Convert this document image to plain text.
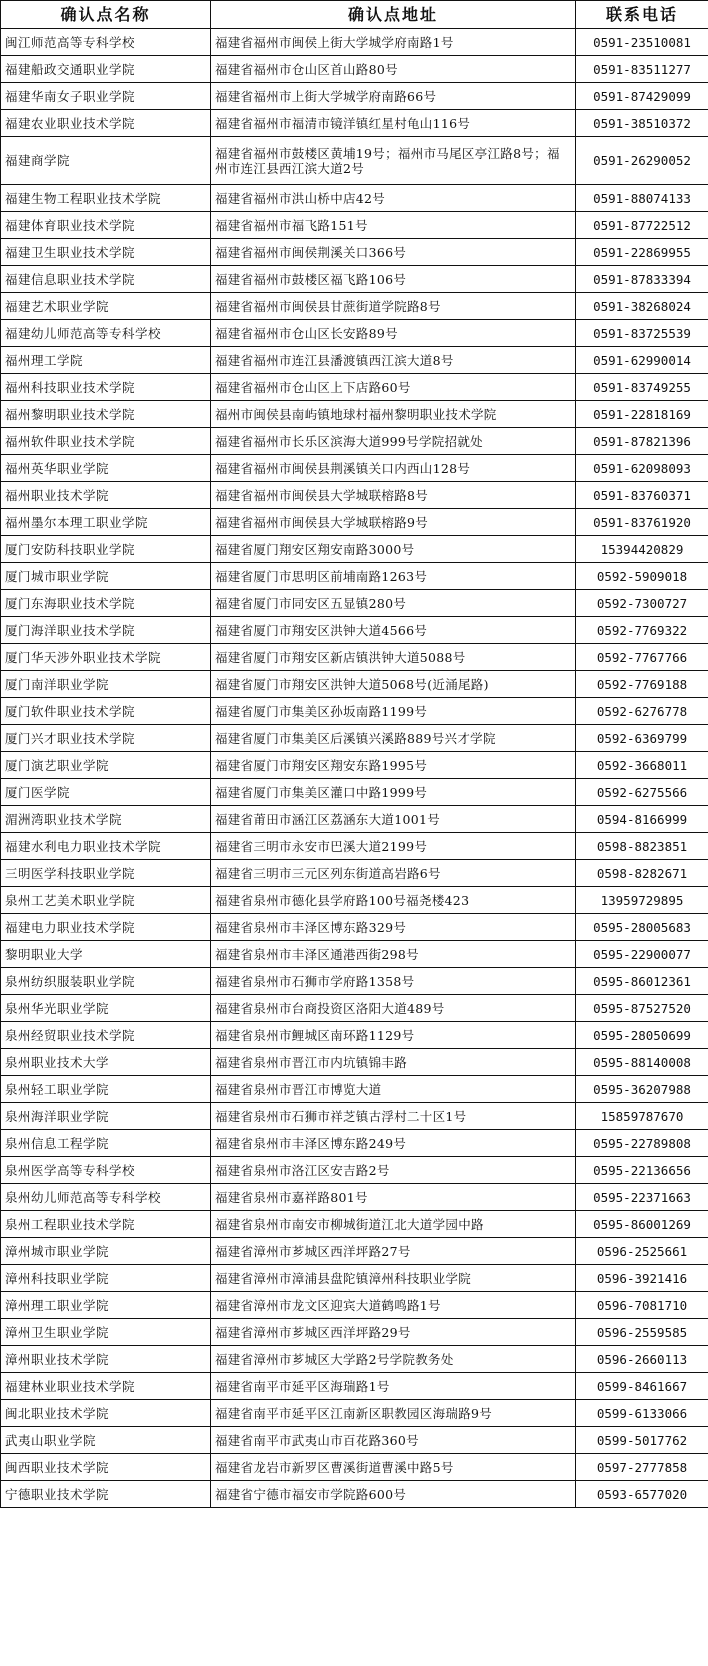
确认点名称	确认点地址	联系电话
闽江师范高等专科学校	福建省福州市闽侯上街大学城学府南路1号	0591-23510081
福建船政交通职业学院	福建省福州市仓山区首山路80号	0591-83511277
福建华南女子职业学院	福建省福州市上街大学城学府南路66号	0591-87429099
福建农业职业技术学院	福建省福州市福清市镜洋镇红星村龟山116号	0591-38510372
福建商学院	福建省福州市鼓楼区黄埔19号；福州市马尾区亭江路8号；福州市连江县西江滨大道2号	0591-26290052
福建生物工程职业技术学院	福建省福州市洪山桥中店42号	0591-88074133
福建体育职业技术学院	福建省福州市福飞路151号	0591-87722512
福建卫生职业技术学院	福建省福州市闽侯荆溪关口366号	0591-22869955
福建信息职业技术学院	福建省福州市鼓楼区福飞路106号	0591-87833394
福建艺术职业学院	福建省福州市闽侯县甘蔗街道学院路8号	0591-38268024
福建幼儿师范高等专科学校	福建省福州市仓山区长安路89号	0591-83725539
福州理工学院	福建省福州市连江县潘渡镇西江滨大道8号	0591-62990014
福州科技职业技术学院	福建省福州市仓山区上下店路60号	0591-83749255
福州黎明职业技术学院	福州市闽侯县南屿镇地球村福州黎明职业技术学院	0591-22818169
福州软件职业技术学院	福建省福州市长乐区滨海大道999号学院招就处	0591-87821396
福州英华职业学院	福建省福州市闽侯县荆溪镇关口内西山128号	0591-62098093
福州职业技术学院	福建省福州市闽侯县大学城联榕路8号	0591-83760371
福州墨尔本理工职业学院	福建省福州市闽侯县大学城联榕路9号	0591-83761920
厦门安防科技职业学院	福建省厦门翔安区翔安南路3000号	15394420829
厦门城市职业学院	福建省厦门市思明区前埔南路1263号	0592-5909018
厦门东海职业技术学院	福建省厦门市同安区五显镇280号	0592-7300727
厦门海洋职业技术学院	福建省厦门市翔安区洪钟大道4566号	0592-7769322
厦门华天涉外职业技术学院	福建省厦门市翔安区新店镇洪钟大道5088号	0592-7767766
厦门南洋职业学院	福建省厦门市翔安区洪钟大道5068号(近涌尾路)	0592-7769188
厦门软件职业技术学院	福建省厦门市集美区孙坂南路1199号	0592-6276778
厦门兴才职业技术学院	福建省厦门市集美区后溪镇兴溪路889号兴才学院	0592-6369799
厦门演艺职业学院	福建省厦门市翔安区翔安东路1995号	0592-3668011
厦门医学院	福建省厦门市集美区灌口中路1999号	0592-6275566
湄洲湾职业技术学院	福建省莆田市涵江区荔涵东大道1001号	0594-8166999
福建水利电力职业技术学院	福建省三明市永安市巴溪大道2199号	0598-8823851
三明医学科技职业学院	福建省三明市三元区列东街道高岩路6号	0598-8282671
泉州工艺美术职业学院	福建省泉州市德化县学府路100号福尧楼423	13959729895
福建电力职业技术学院	福建省泉州市丰泽区博东路329号	0595-28005683
黎明职业大学	福建省泉州市丰泽区通港西街298号	0595-22900077
泉州纺织服装职业学院	福建省泉州市石狮市学府路1358号	0595-86012361
泉州华光职业学院	福建省泉州市台商投资区洛阳大道489号	0595-87527520
泉州经贸职业技术学院	福建省泉州市鲤城区南环路1129号	0595-28050699
泉州职业技术大学	福建省泉州市晋江市内坑镇锦丰路	0595-88140008
泉州轻工职业学院	福建省泉州市晋江市博览大道	0595-36207988
泉州海洋职业学院	福建省泉州市石狮市祥芝镇古浮村二十区1号	15859787670
泉州信息工程学院	福建省泉州市丰泽区博东路249号	0595-22789808
泉州医学高等专科学校	福建省泉州市洛江区安吉路2号	0595-22136656
泉州幼儿师范高等专科学校	福建省泉州市嘉祥路801号	0595-22371663
泉州工程职业技术学院	福建省泉州市南安市柳城街道江北大道学园中路	0595-86001269
漳州城市职业学院	福建省漳州市芗城区西洋坪路27号	0596-2525661
漳州科技职业学院	福建省漳州市漳浦县盘陀镇漳州科技职业学院	0596-3921416
漳州理工职业学院	福建省漳州市龙文区迎宾大道鹤鸣路1号	0596-7081710
漳州卫生职业学院	福建省漳州市芗城区西洋坪路29号	0596-2559585
漳州职业技术学院	福建省漳州市芗城区大学路2号学院教务处	0596-2660113
福建林业职业技术学院	福建省南平市延平区海瑞路1号	0599-8461667
闽北职业技术学院	福建省南平市延平区江南新区职教园区海瑞路9号	0599-6133066
武夷山职业学院	福建省南平市武夷山市百花路360号	0599-5017762
闽西职业技术学院	福建省龙岩市新罗区曹溪街道曹溪中路5号	0597-2777858
宁德职业技术学院	福建省宁德市福安市学院路600号	0593-6577020
